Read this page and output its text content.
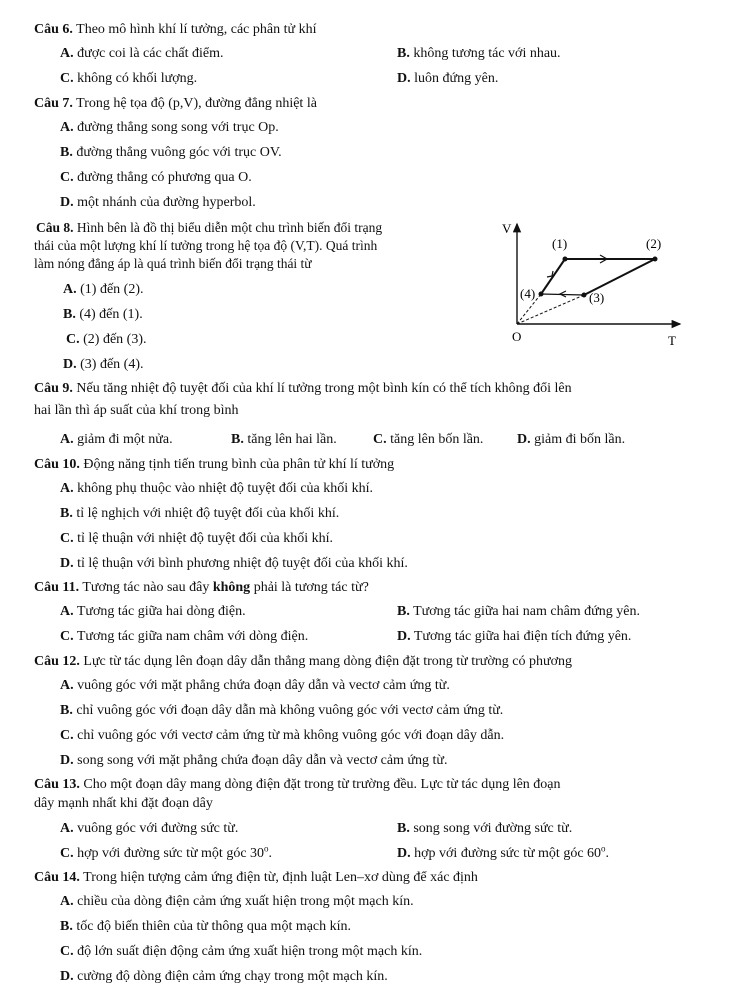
Câu 6. Theo mô hình khí lí tưởng, các phân tử khí
A. được coi là các chất điểm.	B. không tương tác với nhau.
C. không có khối lượng.	D. luôn đứng yên.
Câu 7. Trong hệ tọa độ (p,V), đường đẳng nhiệt là
A. đường thẳng song song với trục Op.
B. đường thẳng vuông góc với trục OV.
C. đường thẳng có phương qua O.
D. một nhánh của đường hyperbol.
Câu 8. Hình bên là đồ thị biểu diễn một chu trình biến đổi trạng
thái của một lượng khí lí tưởng trong hệ tọa độ (V,T). Quá trình
làm nóng đẳng áp là quá trình biến đổi trạng thái từ
A. (1) đến (2).
B. (4) đến (1).
C. (2) đến (3).
D. (3) đến (4).
V
T
O
(1)	(2)
(3)
(4)
Câu 9. Nếu tăng nhiệt độ tuyệt đối của khí lí tưởng trong một bình kín có thể tích không đổi lên
hai lần thì áp suất của khí trong bình
A. giảm đi một nửa.	B. tăng lên hai lần.	C. tăng lên bốn lần. D. giảm đi bốn lần.
Câu 10. Động năng tịnh tiến trung bình của phân tử khí lí tưởng
A. không phụ thuộc vào nhiệt độ tuyệt đối của khối khí.
B. tỉ lệ nghịch với nhiệt độ tuyệt đối của khối khí.
C. tỉ lệ thuận với nhiệt độ tuyệt đối của khối khí.
D. tỉ lệ thuận với bình phương nhiệt độ tuyệt đối của khối khí.
Câu 11. Tương tác nào sau đây không phải là tương tác từ?
A. Tương tác giữa hai dòng điện.	B. Tương tác giữa hai nam châm đứng yên.
C. Tương tác giữa nam châm với dòng điện.	D. Tương tác giữa hai điện tích đứng yên.
Câu 12. Lực từ tác dụng lên đoạn dây dẫn thẳng mang dòng điện đặt trong từ trường có phương
A. vuông góc với mặt phẳng chứa đoạn dây dẫn và vectơ cảm ứng từ.
B. chỉ vuông góc với đoạn dây dẫn mà không vuông góc với vectơ cảm ứng từ.
C. chỉ vuông góc với vectơ cảm ứng từ mà không vuông góc với đoạn dây dẫn.
D. song song với mặt phẳng chứa đoạn dây dẫn và vectơ cảm ứng từ.
Câu 13. Cho một đoạn dây mang dòng điện đặt trong từ trường đều. Lực từ tác dụng lên đoạn
dây mạnh nhất khi đặt đoạn dây
A. vuông góc với đường sức từ.	B. song song với đường sức từ.
C. hợp với đường sức từ một góc 30$^o$.	D. hợp với đường sức từ một góc 60$^o$.
Câu 14. Trong hiện tượng cảm ứng điện từ, định luật Len–xơ dùng để xác định
A. chiều của dòng điện cảm ứng xuất hiện trong một mạch kín.
B. tốc độ biến thiên của từ thông qua một mạch kín.
C. độ lớn suất điện động cảm ứng xuất hiện trong một mạch kín.
D. cường độ dòng điện cảm ứng chạy trong một mạch kín.
